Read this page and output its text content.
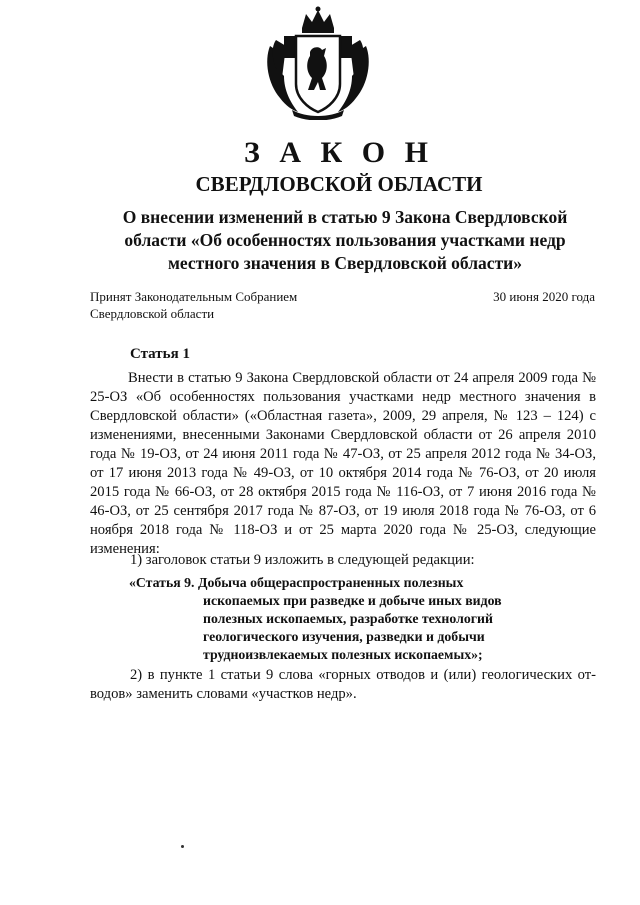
З А К О Н
СВЕРДЛОВСКОЙ ОБЛАСТИ
О внесении изменений в статью 9 Закона Свердловской области «Об особенностях пользования участками недр местного значения в Свердловской области»
Принят Законодательным Собранием
Свердловской области
30 июня 2020 года
Статья 1

Внести в статью 9 Закона Свердловской области от 24 апреля 2009 года № 25-ОЗ «Об особенностях пользования участками недр местного значения в Свердловской области» («Областная газета», 2009, 29 апреля, № 123 – 124) с изменениями, внесенными Законами Свердловской области от 26 апреля 2010 года № 19-ОЗ, от 24 июня 2011 года № 47-ОЗ, от 25 апреля 2012 года № 34-ОЗ, от 17 июня 2013 года № 49-ОЗ, от 10 октября 2014 года № 76-ОЗ, от 20 июля 2015 года № 66-ОЗ, от 28 октября 2015 года № 116-ОЗ, от 7 июня 2016 года № 46-ОЗ, от 25 сентября 2017 года № 87-ОЗ, от 19 июля 2018 года № 76-ОЗ, от 6 ноября 2018 года № 118-ОЗ и от 25 марта 2020 года № 25-ОЗ, следующие изменения:

1) заголовок статьи 9 изложить в следующей редакции:
«Статья 9. Добыча общераспространенных полезных
ископаемых при разведке и добыче иных видов
полезных ископаемых, разработке технологий
геологического изучения, разведки и добычи
трудноизвлекаемых полезных ископаемых»;

2) в пункте 1 статьи 9 слова «горных отводов и (или) геологических от-водов» заменить словами «участков недр».
